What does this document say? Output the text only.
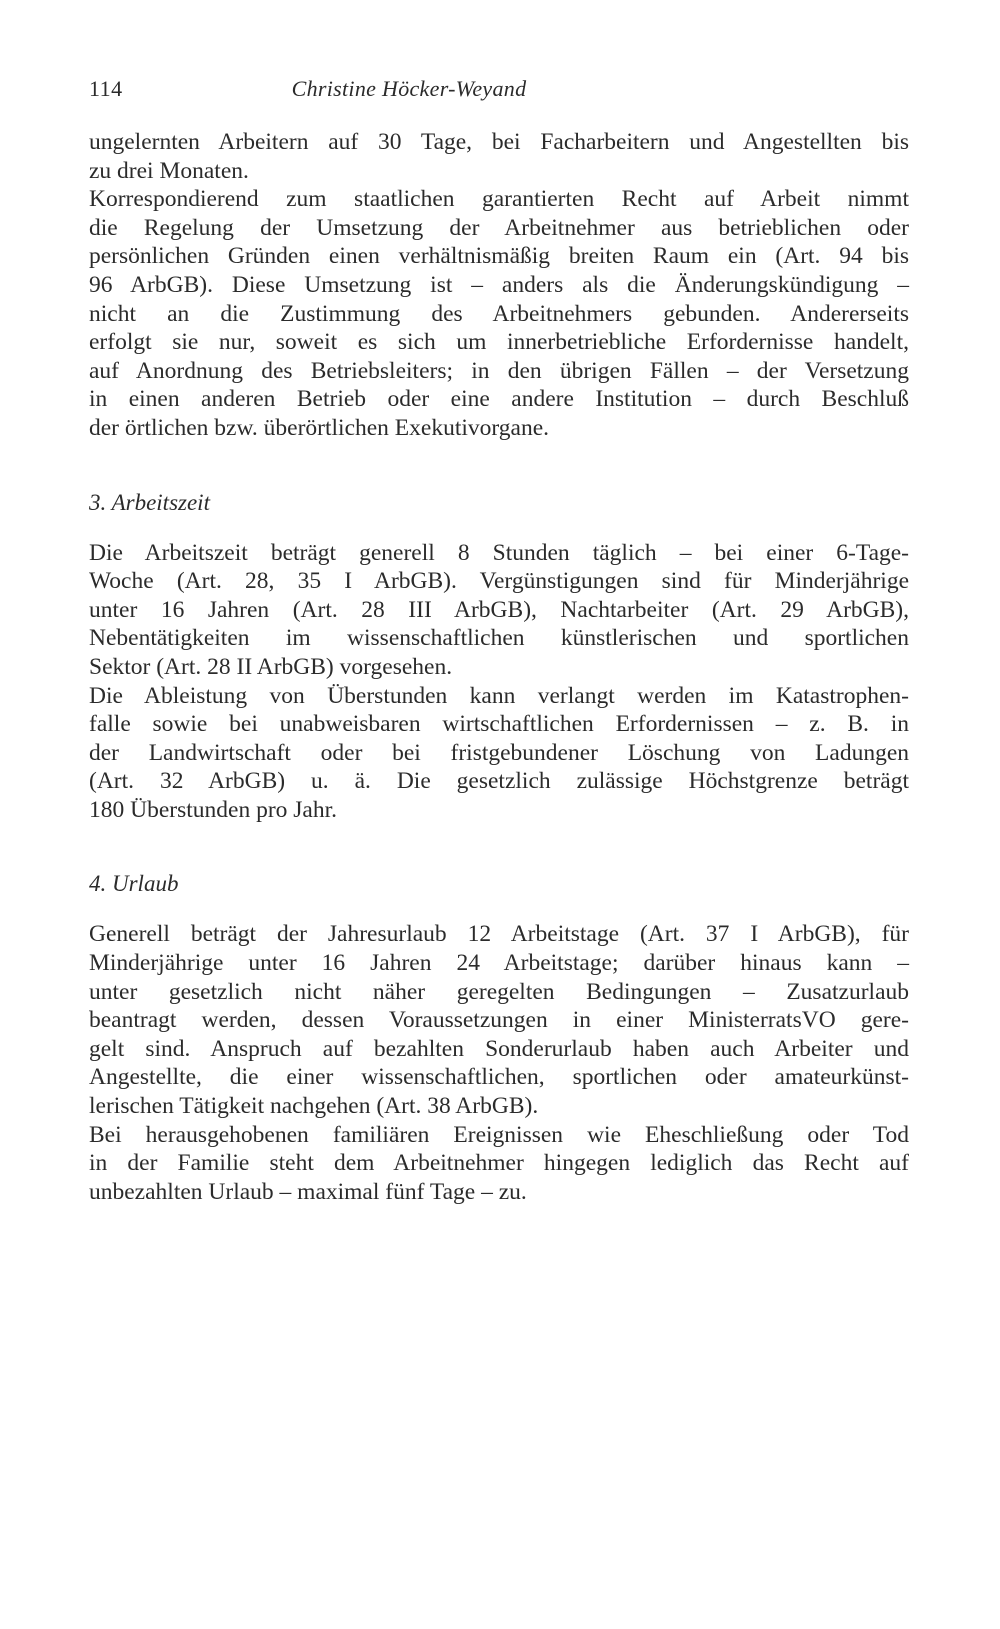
114	Christine Höcker-Weyand
ungelernten Arbeitern auf 30 Tage, bei Facharbeitern und Angestellten bis
zu drei Monaten.
Korrespondierend zum staatlichen garantierten Recht auf Arbeit nimmt
die Regelung der Umsetzung der Arbeitnehmer aus betrieblichen oder
persönlichen Gründen einen verhältnismäßig breiten Raum ein (Art. 94 bis
96 ArbGB). Diese Umsetzung ist – anders als die Änderungskündigung –
nicht an die Zustimmung des Arbeitnehmers gebunden. Andererseits
erfolgt sie nur, soweit es sich um innerbetriebliche Erfordernisse handelt,
auf Anordnung des Betriebsleiters; in den übrigen Fällen – der Versetzung
in einen anderen Betrieb oder eine andere Institution – durch Beschluß
der örtlichen bzw. überörtlichen Exekutivorgane.
3. Arbeitszeit
Die Arbeitszeit beträgt generell 8 Stunden täglich – bei einer 6-Tage-
Woche (Art. 28, 35 I ArbGB). Vergünstigungen sind für Minderjährige
unter 16 Jahren (Art. 28 III ArbGB), Nachtarbeiter (Art. 29 ArbGB),
Nebentätigkeiten im wissenschaftlichen künstlerischen und sportlichen
Sektor (Art. 28 II ArbGB) vorgesehen.
Die Ableistung von Überstunden kann verlangt werden im Katastrophen-
falle sowie bei unabweisbaren wirtschaftlichen Erfordernissen – z. B. in
der Landwirtschaft oder bei fristgebundener Löschung von Ladungen
(Art. 32 ArbGB) u. ä. Die gesetzlich zulässige Höchstgrenze beträgt
180 Überstunden pro Jahr.
4. Urlaub
Generell beträgt der Jahresurlaub 12 Arbeitstage (Art. 37 I ArbGB), für
Minderjährige unter 16 Jahren 24 Arbeitstage; darüber hinaus kann –
unter gesetzlich nicht näher geregelten Bedingungen – Zusatzurlaub
beantragt werden, dessen Voraussetzungen in einer MinisterratsVO gere-
gelt sind. Anspruch auf bezahlten Sonderurlaub haben auch Arbeiter und
Angestellte, die einer wissenschaftlichen, sportlichen oder amateurkünst-
lerischen Tätigkeit nachgehen (Art. 38 ArbGB).
Bei herausgehobenen familiären Ereignissen wie Eheschließung oder Tod
in der Familie steht dem Arbeitnehmer hingegen lediglich das Recht auf
unbezahlten Urlaub – maximal fünf Tage – zu.
